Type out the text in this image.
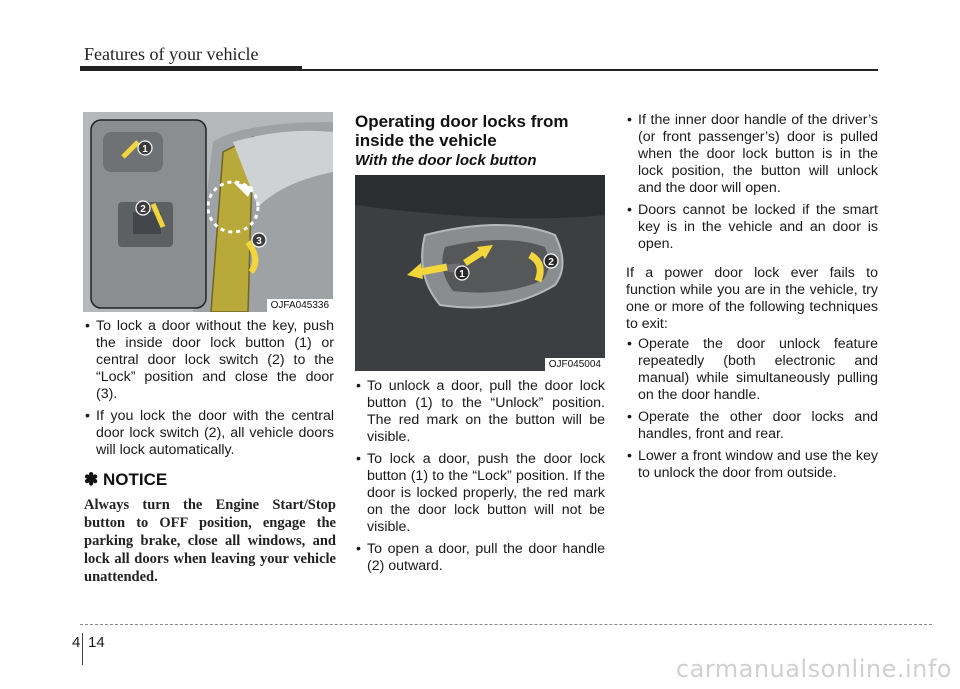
Features of your vehicle
1
2
3
OJFA045336
• To lock a door without the key, push the inside door lock button (1) or central door lock switch (2) to the “Lock” position and close the door (3).
• If you lock the door with the central door lock switch (2), all vehicle doors will lock automatically.
✽ NOTICE
Always turn the Engine Start/Stop button to OFF position, engage the parking brake, close all windows, and lock all doors when leaving your vehicle unattended.
Operating door locks from inside the vehicle
With the door lock button
1
2
OJF045004
• To unlock a door, pull the door lock button (1) to the “Unlock” position. The red mark on the button will be visible.
• To lock a door, push the door lock button (1) to the “Lock” position. If the door is locked properly, the red mark on the door lock button will not be visible.
• To open a door, pull the door handle (2) outward.
• If the inner door handle of the driver’s (or front passenger’s) door is pulled when the door lock button is in the lock position, the button will unlock and the door will open.
• Doors cannot be locked if the smart key is in the vehicle and an door is open.
If a power door lock ever fails to function while you are in the vehicle, try one or more of the following techniques to exit:
• Operate the door unlock feature repeatedly (both electronic and manual) while simultaneously pulling on the door handle.
• Operate the other door locks and handles, front and rear.
• Lower a front window and use the key to unlock the door from outside.
4 14
carmanualsonline.info
